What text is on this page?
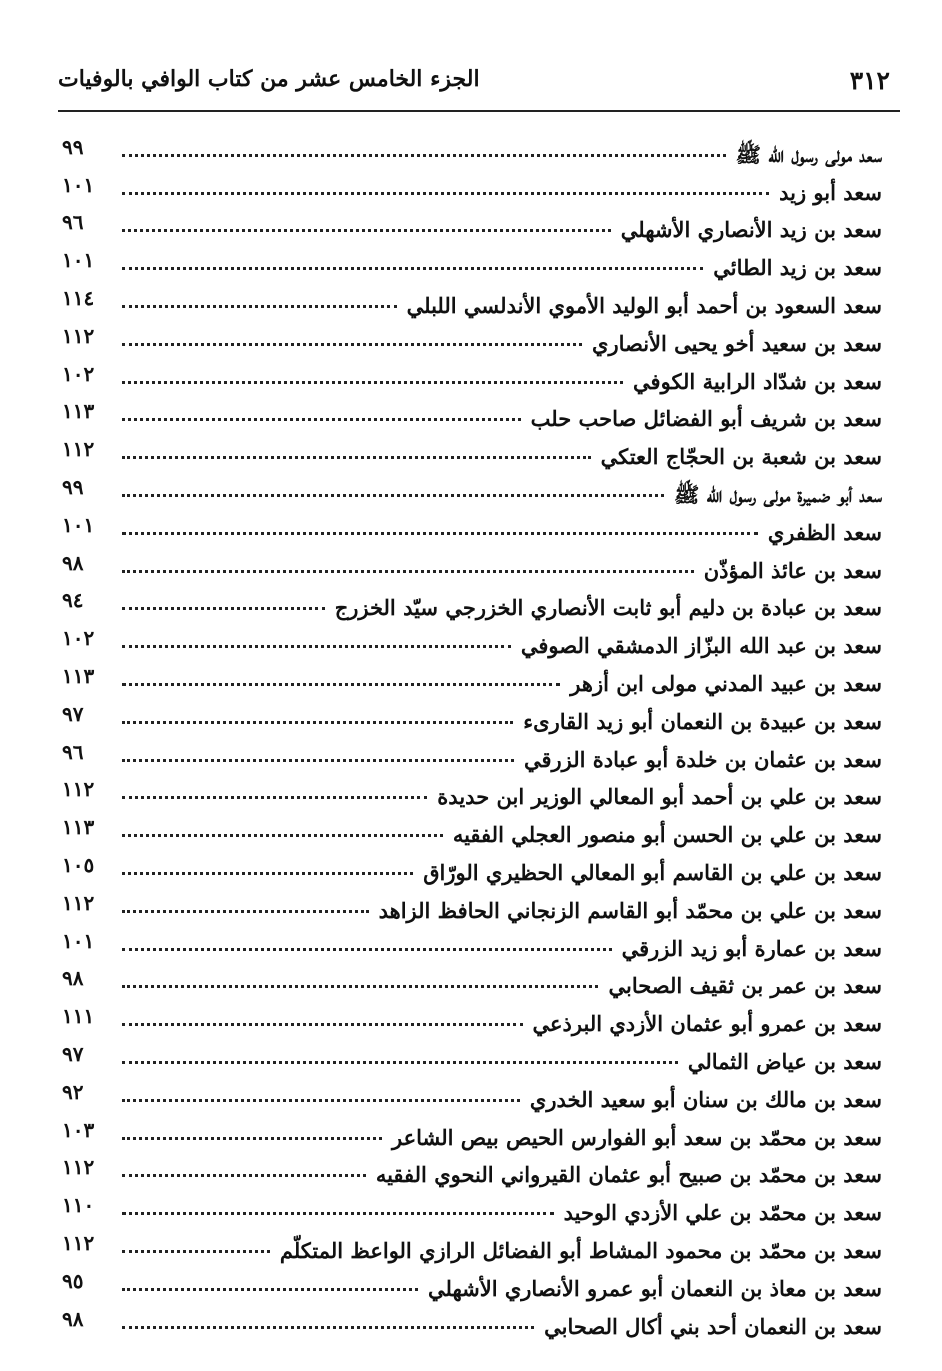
٣١٢
الجزء الخامس عشر من كتاب الوافي بالوفيات
سعد مولى رسول الله ﷺ
٩٩
سعد أبو زيد
١٠١
سعد بن زيد الأنصاري الأشهلي
٩٦
سعد بن زيد الطائي
١٠١
سعد السعود بن أحمد أبو الوليد الأموي الأندلسي اللبلي
١١٤
سعد بن سعيد أخو يحيى الأنصاري
١١٢
سعد بن شدّاد الرابية الكوفي
١٠٢
سعد بن شريف أبو الفضائل صاحب حلب
١١٣
سعد بن شعبة بن الحجّاج العتكي
١١٢
سعد أبو ضميرة مولى رسول الله ﷺ
٩٩
سعد الظفري
١٠١
سعد بن عائذ المؤذّن
٩٨
سعد بن عبادة بن دليم أبو ثابت الأنصاري الخزرجي سيّد الخزرج
٩٤
سعد بن عبد الله البزّاز الدمشقي الصوفي
١٠٢
سعد بن عبيد المدني مولى ابن أزهر
١١٣
سعد بن عبيدة بن النعمان أبو زيد القارىء
٩٧
سعد بن عثمان بن خلدة أبو عبادة الزرقي
٩٦
سعد بن علي بن أحمد أبو المعالي الوزير ابن حديدة
١١٢
سعد بن علي بن الحسن أبو منصور العجلي الفقيه
١١٣
سعد بن علي بن القاسم أبو المعالي الحظيري الورّاق
١٠٥
سعد بن علي بن محمّد أبو القاسم الزنجاني الحافظ الزاهد
١١٢
سعد بن عمارة أبو زيد الزرقي
١٠١
سعد بن عمر بن ثقيف الصحابي
٩٨
سعد بن عمرو أبو عثمان الأزدي البرذعي
١١١
سعد بن عياض الثمالي
٩٧
سعد بن مالك بن سنان أبو سعيد الخدري
٩٢
سعد بن محمّد بن سعد أبو الفوارس الحيص بيص الشاعر
١٠٣
سعد بن محمّد بن صبيح أبو عثمان القيرواني النحوي الفقيه
١١٢
سعد بن محمّد بن علي الأزدي الوحيد
١١٠
سعد بن محمّد بن محمود المشاط أبو الفضائل الرازي الواعظ المتكلّم
١١٢
سعد بن معاذ بن النعمان أبو عمرو الأنصاري الأشهلي
٩٥
سعد بن النعمان أحد بني أكال الصحابي
٩٨
